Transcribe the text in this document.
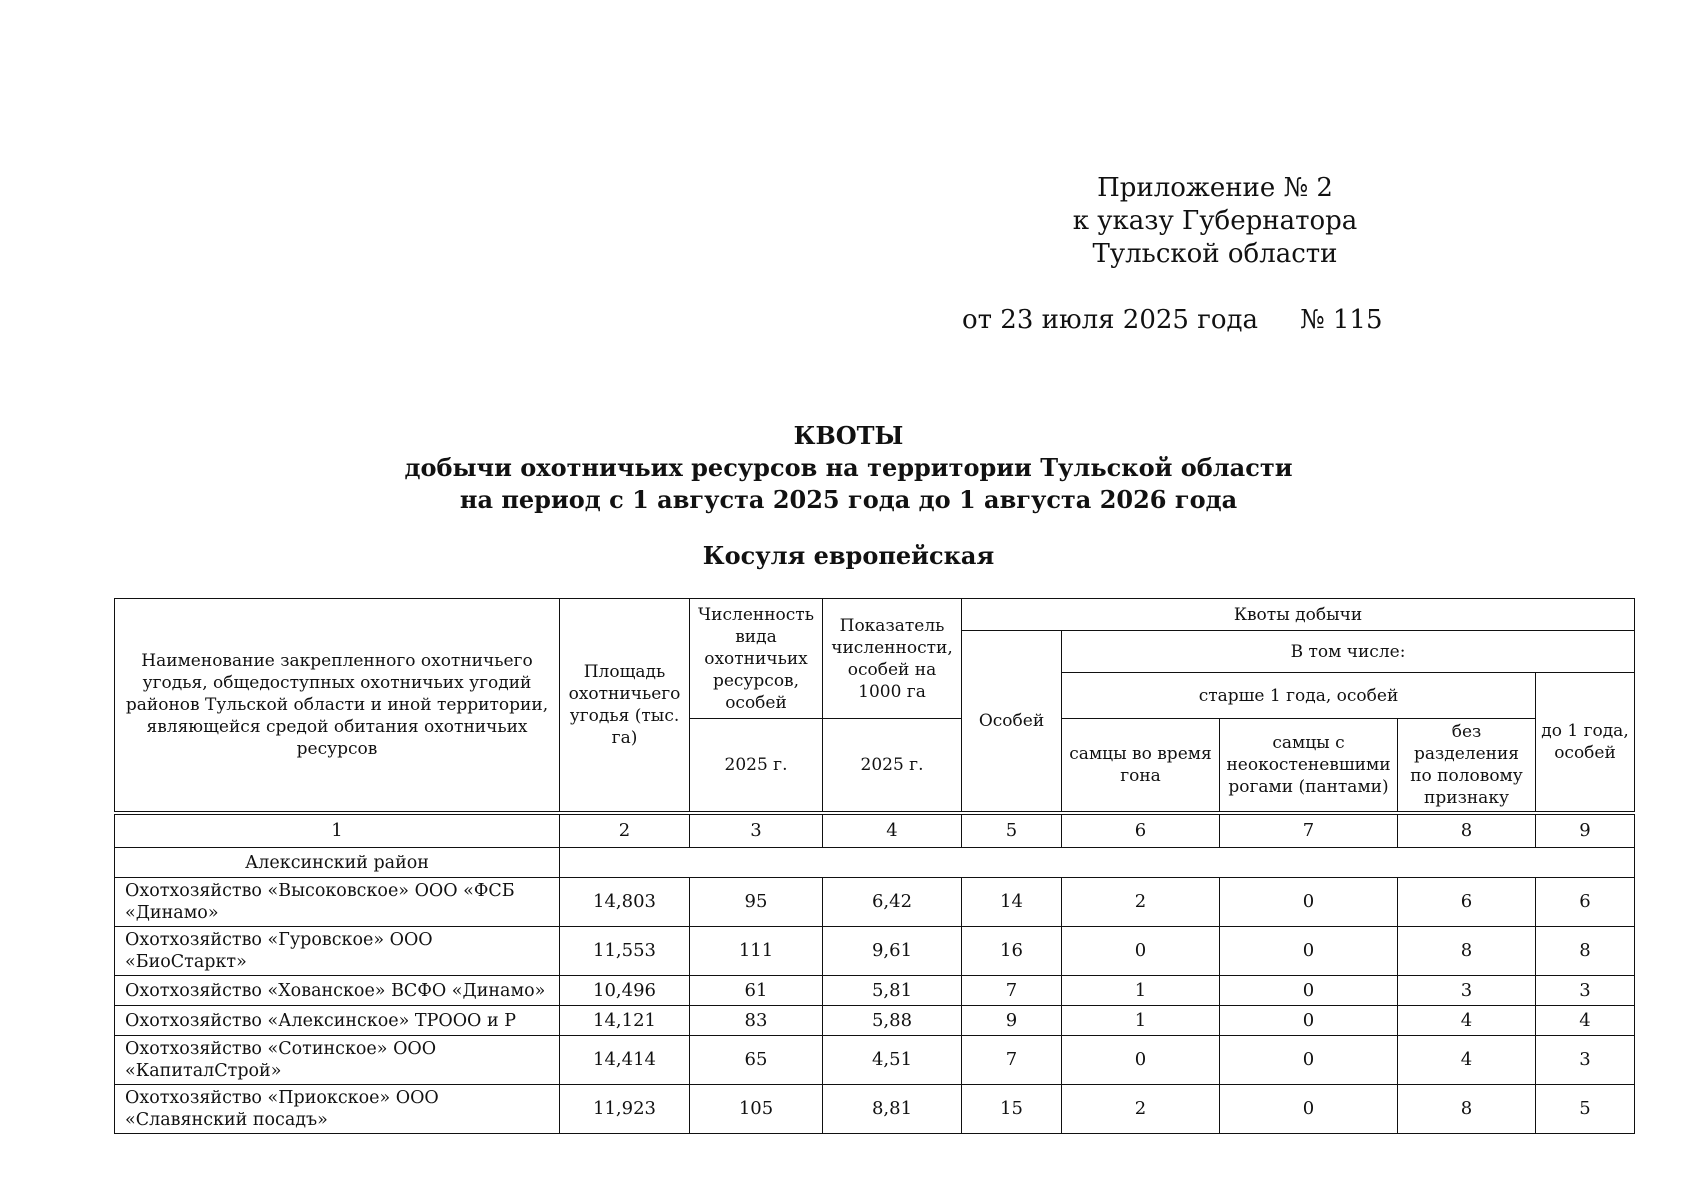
Приложение № 2
к указу Губернатора
Тульской области
от 23 июля 2025 года № 115
КВОТЫ
добычи охотничьих ресурсов на территории Тульской области
на период с 1 августа 2025 года до 1 августа 2026 года
Косуля европейская
Наименование закрепленного охотничьего угодья, общедоступных охотничьих угодий районов Тульской области и иной территории, являющейся средой обитания охотничьих ресурсов	Площадь охотничьего угодья (тыс. га)	Численность вида охотничьих ресурсов, особей	Показатель численности, особей на 1000 га	Квоты добычи				
				Особей	В том числе:			
					старше 1 года, особей			до 1 года, особей
		2025 г.	2025 г.		самцы во время гона	самцы с неокостеневшими рогами (пантами)	без разделения по половому признаку	
1	2	3	4	5	6	7	8	9
Алексинский район								
Охотхозяйство «Высоковское» ООО «ФСБ «Динамо»	14,803	95	6,42	14	2	0	6	6
Охотхозяйство «Гуровское» ООО «БиоСтаркт»	11,553	111	9,61	16	0	0	8	8
Охотхозяйство «Хованское» ВСФО «Динамо»	10,496	61	5,81	7	1	0	3	3
Охотхозяйство «Алексинское» ТРООО и Р	14,121	83	5,88	9	1	0	4	4
Охотхозяйство «Сотинское» ООО «КапиталСтрой»	14,414	65	4,51	7	0	0	4	3
Охотхозяйство «Приокское» ООО «Славянский посадъ»	11,923	105	8,81	15	2	0	8	5
